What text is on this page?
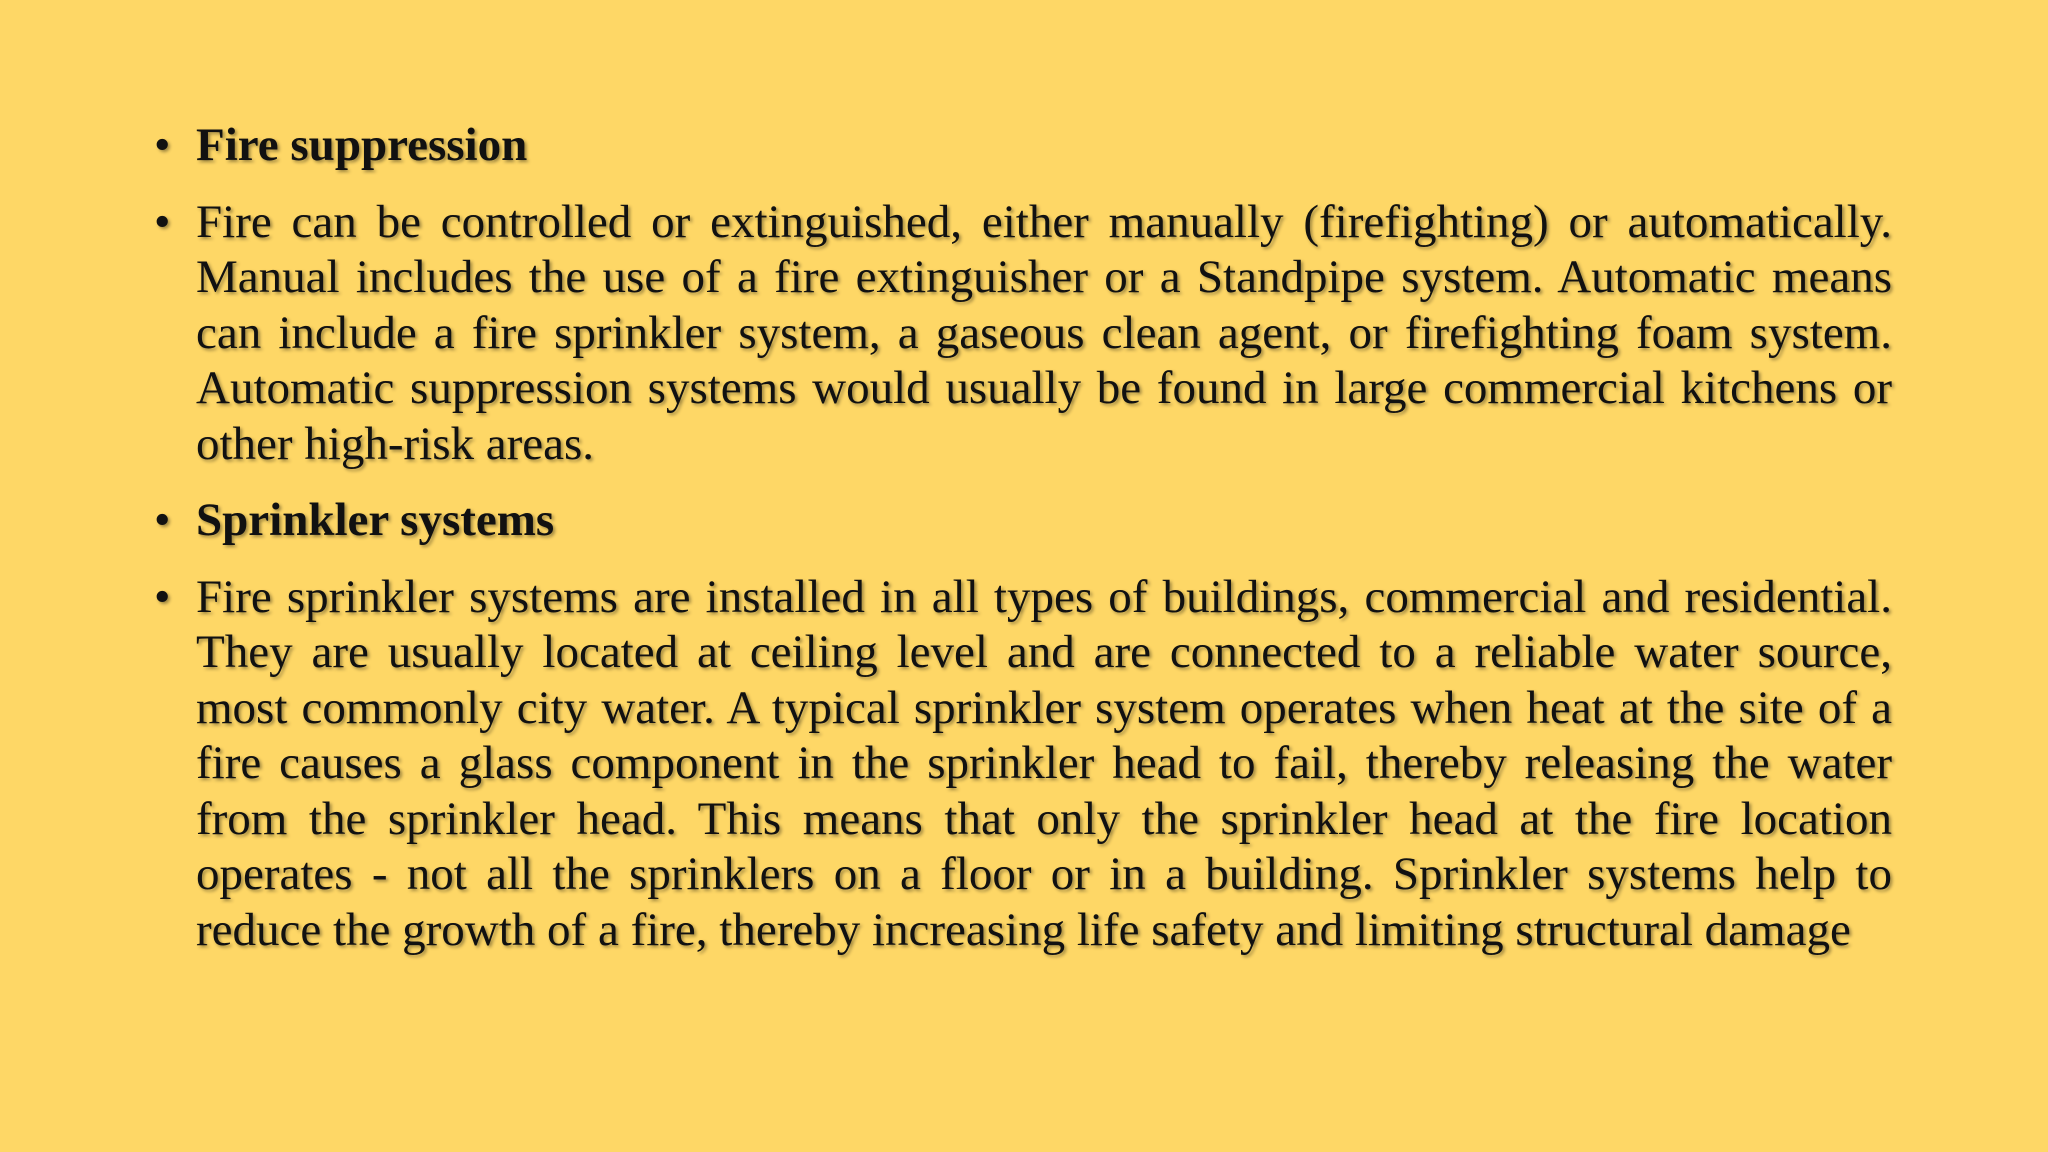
• Fire suppression
• Fire can be controlled or extinguished, either manually (firefighting) or automatically. Manual includes the use of a fire extinguisher or a Standpipe system. Automatic means can include a fire sprinkler system, a gaseous clean agent, or firefighting foam system. Automatic suppression systems would usually be found in large commercial kitchens or other high-risk areas.
• Sprinkler systems
• Fire sprinkler systems are installed in all types of buildings, commercial and residential. They are usually located at ceiling level and are connected to a reliable water source, most commonly city water. A typical sprinkler system operates when heat at the site of a fire causes a glass component in the sprinkler head to fail, thereby releasing the water from the sprinkler head. This means that only the sprinkler head at the fire location operates - not all the sprinklers on a floor or in a building. Sprinkler systems help to reduce the growth of a fire, thereby increasing life safety and limiting structural damage
